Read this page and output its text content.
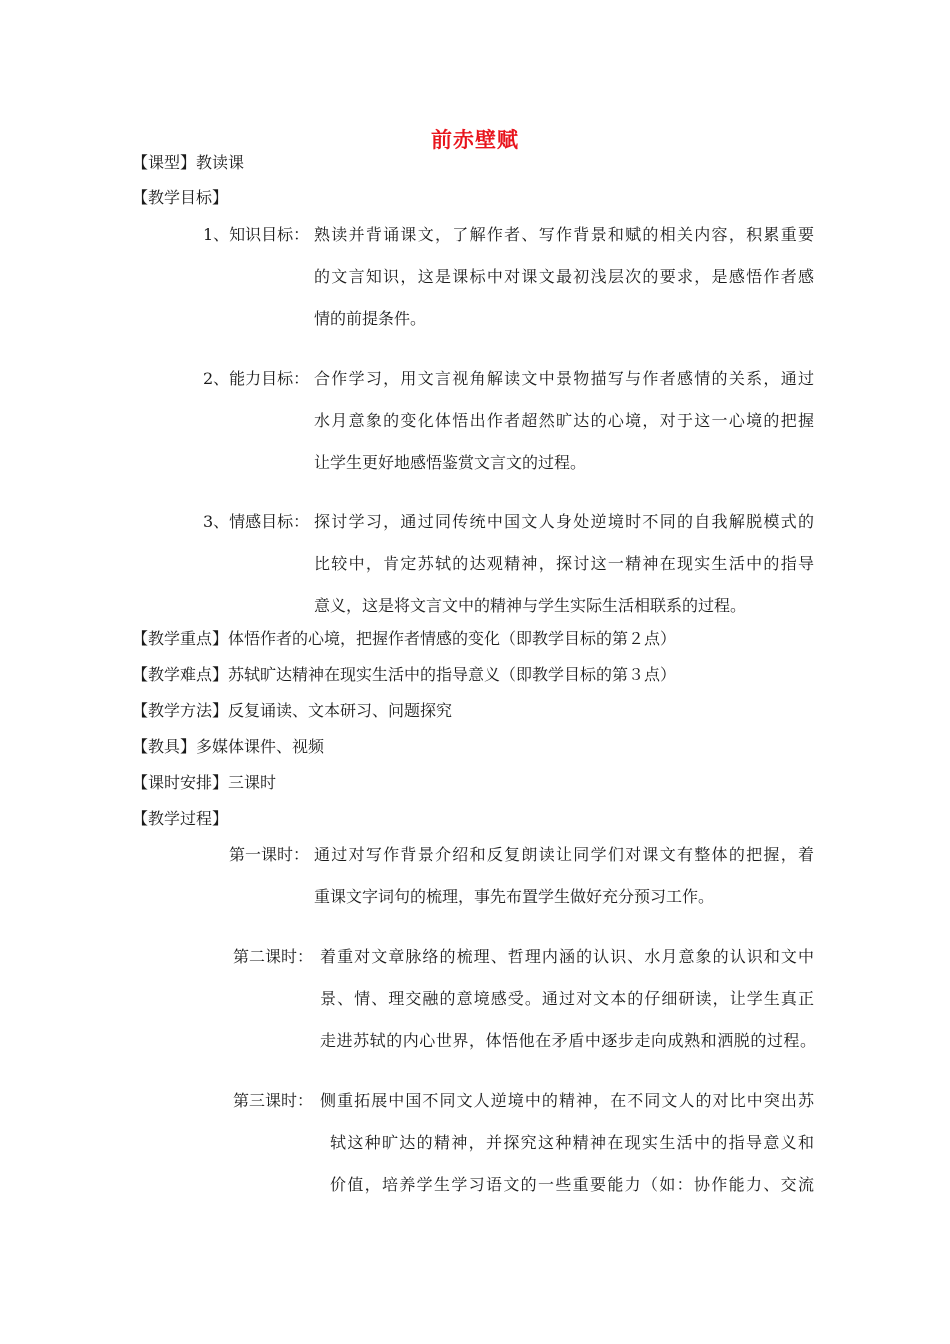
前赤壁赋
【课型】教读课
【教学目标】
1、知识目标： 熟读并背诵课文，了解作者、写作背景和赋的相关内容，积累重要
的文言知识，这是课标中对课文最初浅层次的要求，是感悟作者感
情的前提条件。
2、能力目标： 合作学习，用文言视角解读文中景物描写与作者感情的关系，通过
水月意象的变化体悟出作者超然旷达的心境，对于这一心境的把握
让学生更好地感悟鉴赏文言文的过程。
3、情感目标： 探讨学习，通过同传统中国文人身处逆境时不同的自我解脱模式的
比较中，肯定苏轼的达观精神，探讨这一精神在现实生活中的指导
意义，这是将文言文中的精神与学生实际生活相联系的过程。
【教学重点】体悟作者的心境，把握作者情感的变化（即教学目标的第２点）
【教学难点】苏轼旷达精神在现实生活中的指导意义（即教学目标的第３点）
【教学方法】反复诵读、文本研习、问题探究
【教具】多媒体课件、视频
【课时安排】三课时
【教学过程】
第一课时： 通过对写作背景介绍和反复朗读让同学们对课文有整体的把握，着
重课文字词句的梳理，事先布置学生做好充分预习工作。
第二课时： 着重对文章脉络的梳理、哲理内涵的认识、水月意象的认识和文中
景、情、理交融的意境感受。通过对文本的仔细研读，让学生真正
走进苏轼的内心世界，体悟他在矛盾中逐步走向成熟和洒脱的过程。
第三课时： 侧重拓展中国不同文人逆境中的精神，在不同文人的对比中突出苏
轼这种旷达的精神，并探究这种精神在现实生活中的指导意义和
价值，培养学生学习语文的一些重要能力（如：协作能力、交流
